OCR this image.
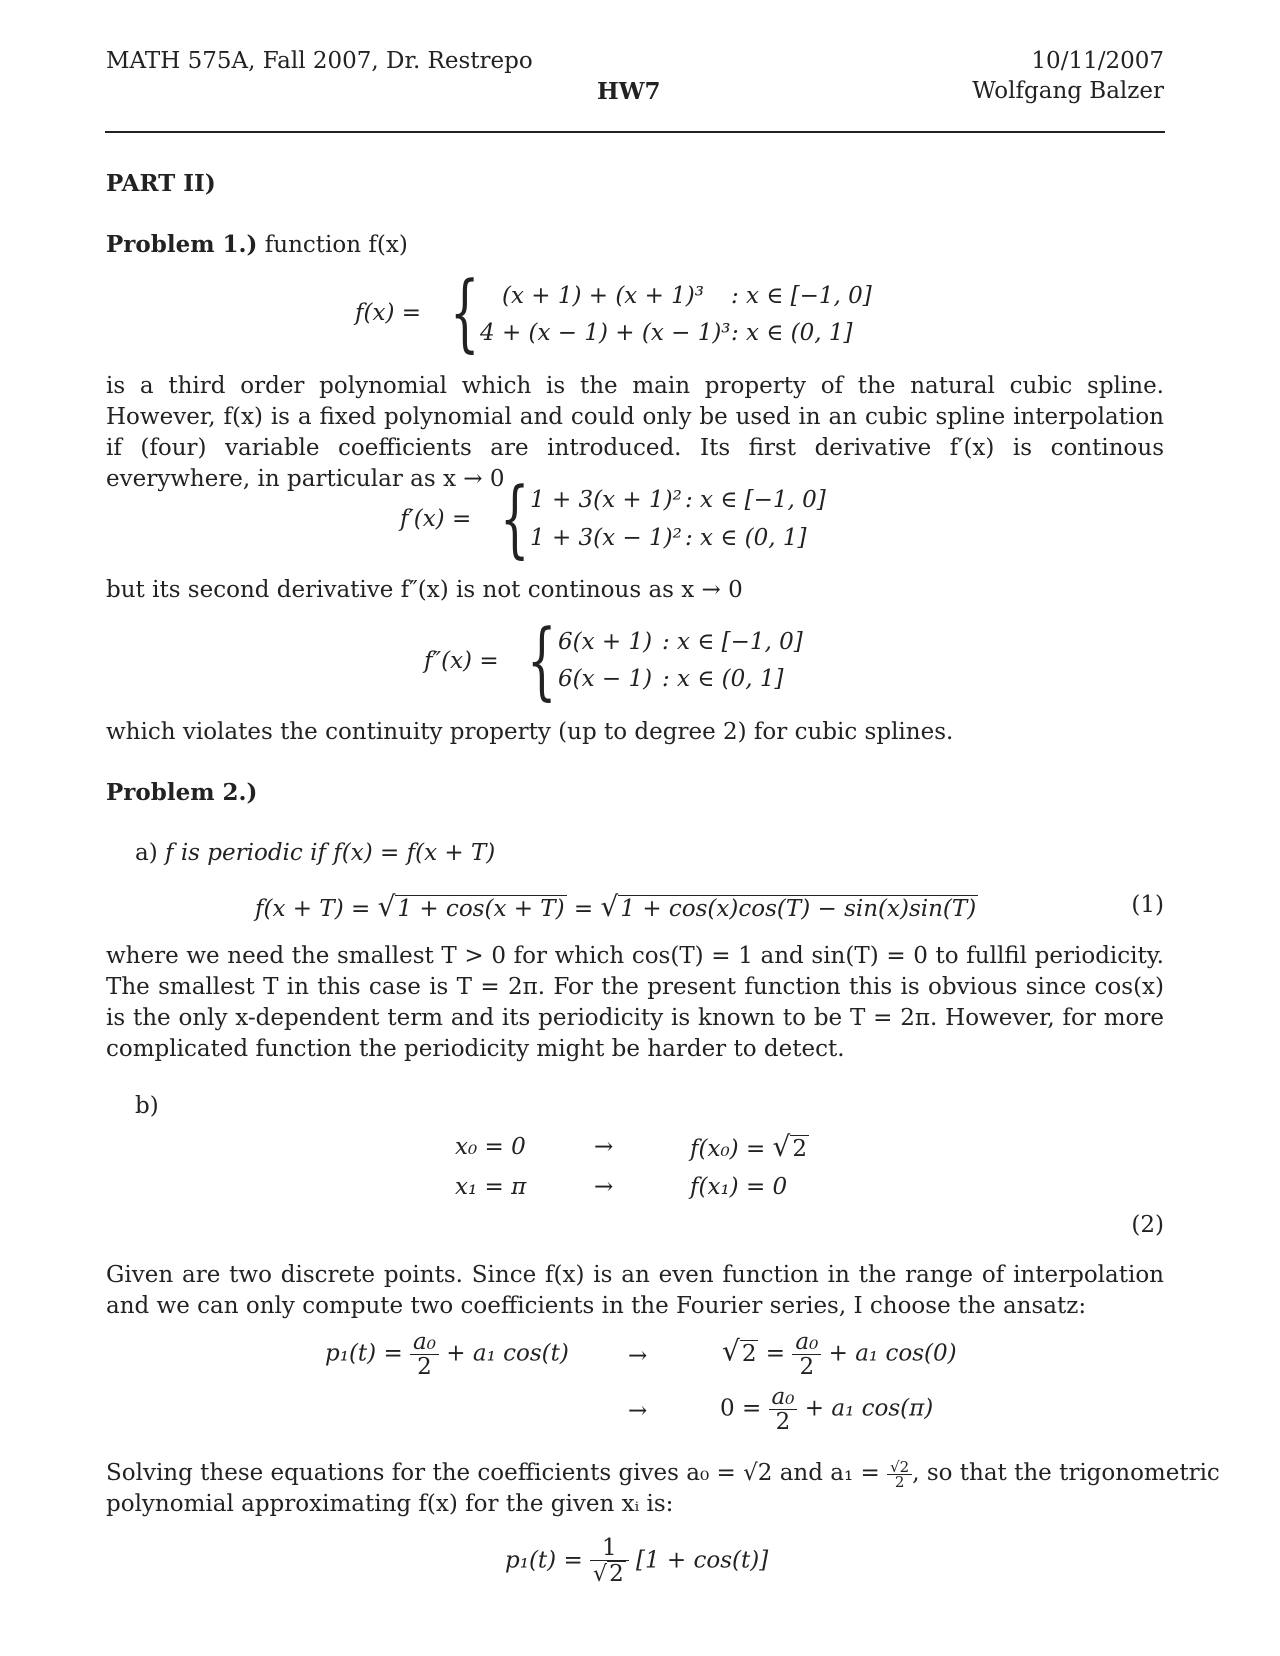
MATH 575A, Fall 2007, Dr. Restrepo
HW7
10/11/2007
Wolfgang Balzer
PART II)
Problem 1.) function f(x)
f(x) = { (x + 1) + (x + 1)³ : x ∈ [−1, 0]
4 + (x − 1) + (x − 1)³ : x ∈ (0, 1]
is a third order polynomial which is the main property of the natural cubic spline. However, f(x) is a fixed polynomial and could only be used in an cubic spline interpolation if (four) variable coefficients are introduced. Its first derivative f′(x) is continous everywhere, in particular as x → 0
f′(x) = { 1 + 3(x + 1)² : x ∈ [−1, 0]
1 + 3(x − 1)² : x ∈ (0, 1]
but its second derivative f″(x) is not continous as x → 0
f″(x) = { 6(x + 1) : x ∈ [−1, 0]
6(x − 1) : x ∈ (0, 1]
which violates the continuity property (up to degree 2) for cubic splines.
Problem 2.)
a) f is periodic if f(x) = f(x + T)
f(x + T) = √1 + cos(x + T) = √1 + cos(x)cos(T) − sin(x)sin(T)	(1)
where we need the smallest T > 0 for which cos(T) = 1 and sin(T) = 0 to fullfil periodicity. The smallest T in this case is T = 2π. For the present function this is obvious since cos(x) is the only x-dependent term and its periodicity is known to be T = 2π. However, for more complicated function the periodicity might be harder to detect.
b)
x₀ = 0	→	f(x₀) = √2
x₁ = π	→	f(x₁) = 0
(2)
Given are two discrete points. Since f(x) is an even function in the range of interpolation and we can only compute two coefficients in the Fourier series, I choose the ansatz:
$p_1(t) = \frac{\text{a₀}}{2} + a_1$ cos(t)	→	$√2 = \frac{\text{a₀}}{2} + a_1$ cos(0)
→	$0 = \frac{\text{a₀}}{2} + a_1$ cos(π)
Solving these equations for the coefficients gives a₀ = √2 and $a_1 = \frac{√2}{2}$ , so that the trigonometric
polynomial approximating f(x) for the given xᵢ is:
$p_1(t) = \frac{1}{√2} [1 + \cos(t)]$
